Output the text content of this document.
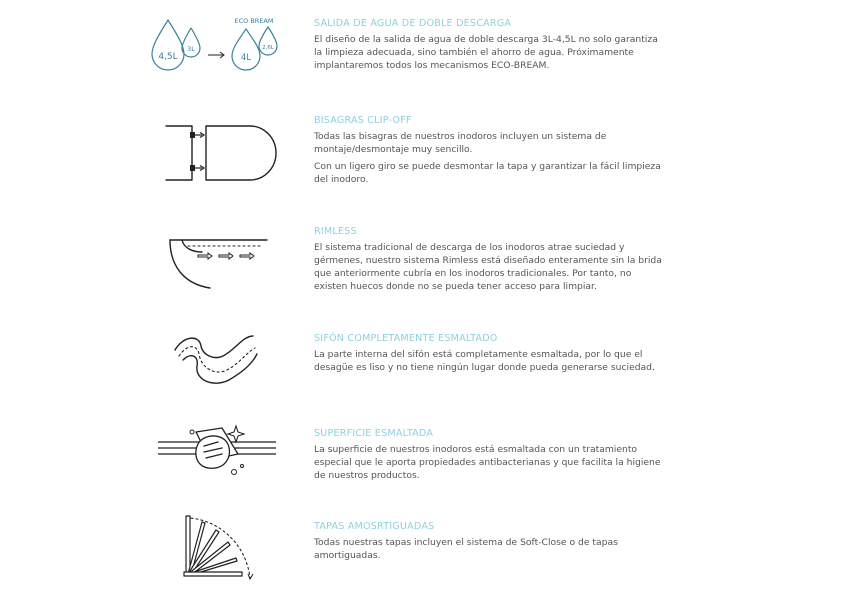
4,5L
3L
ECO BREAM
4L
2,6L

SALIDA DE AGUA DE DOBLE DESCARGA

El diseño de la salida de agua de doble descarga 3L-4,5L no solo garantiza la limpieza adecuada, sino también el ahorro de agua. Próximamente implantaremos todos los mecanismos ECO-BREAM.

BISAGRAS CLIP-OFF

Todas las bisagras de nuestros inodoros incluyen un sistema de montaje/desmontaje muy sencillo.

Con un ligero giro se puede desmontar la tapa y garantizar la fácil limpieza del inodoro.

RIMLESS

El sistema tradicional de descarga de los inodoros atrae suciedad y gérmenes, nuestro sistema Rimless está diseñado enteramente sin la brida que anteriormente cubría en los inodoros tradicionales. Por tanto, no existen huecos donde no se pueda tener acceso para limpiar.

SIFÓN COMPLETAMENTE ESMALTADO

La parte interna del sifón está completamente esmaltada, por lo que el desagüe es liso y no tiene ningún lugar donde pueda generarse suciedad.

SUPERFICIE ESMALTADA

La superficie de nuestros inodoros está esmaltada con un tratamiento especial que le aporta propiedades antibacterianas y que facilita la higiene de nuestros productos.

TAPAS AMOSRTIGUADAS

Todas nuestras tapas incluyen el sistema de Soft-Close o de tapas amortiguadas.
